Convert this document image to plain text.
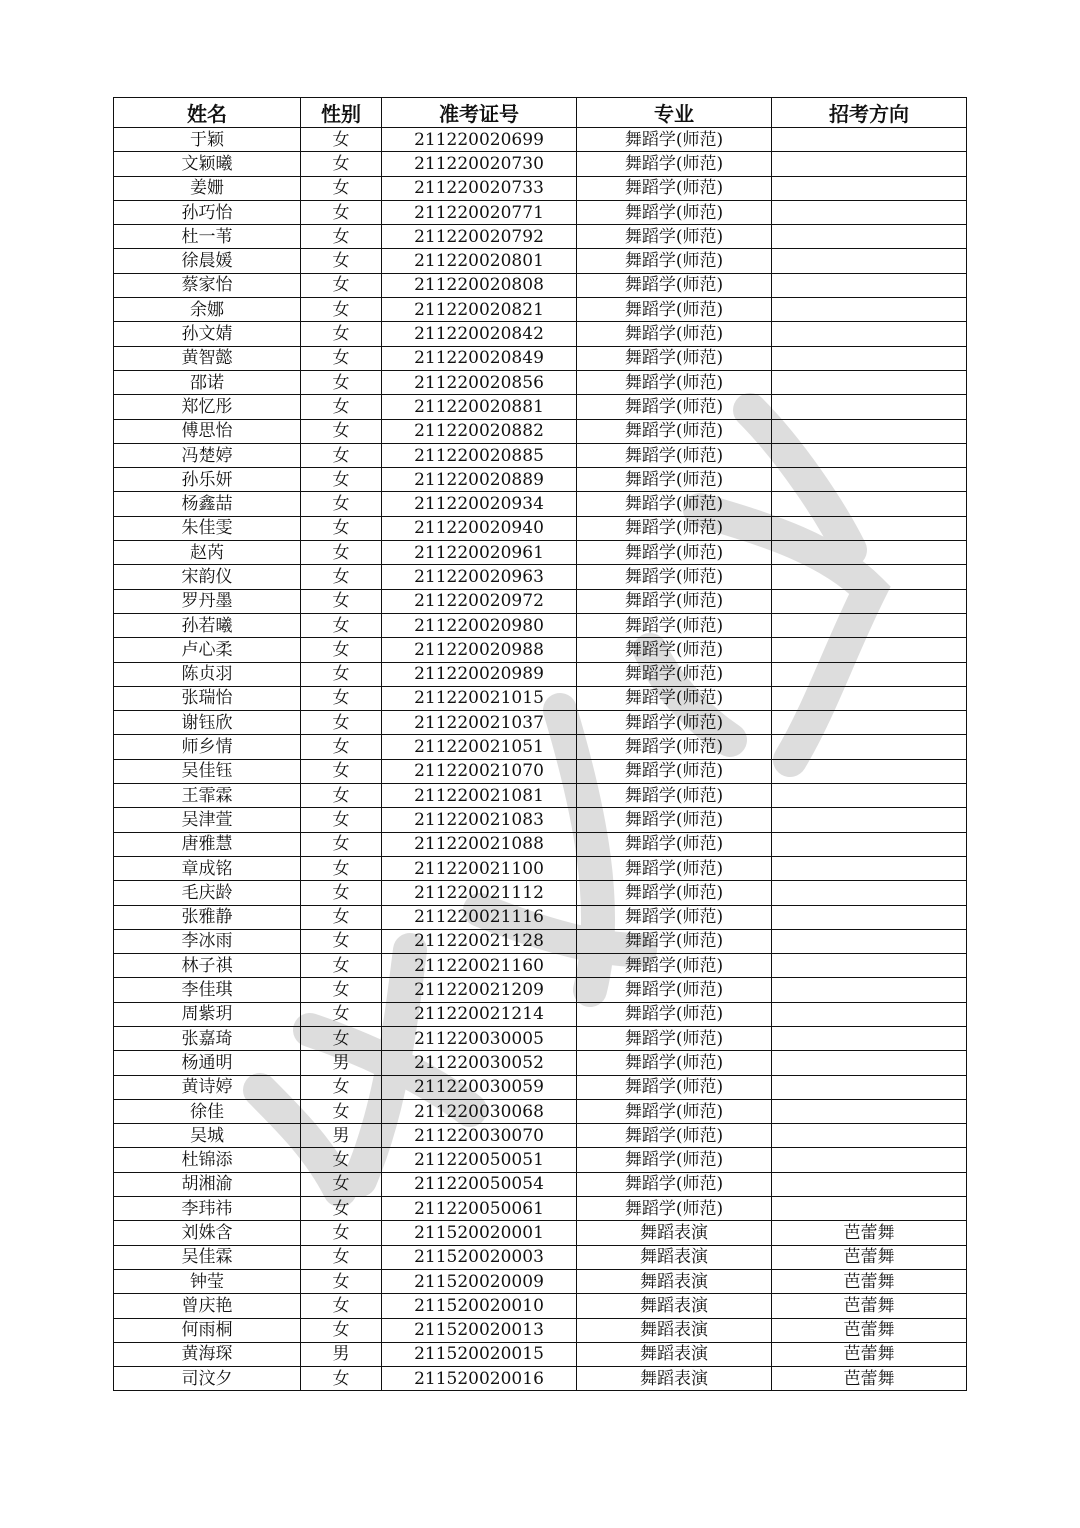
姓名	性别	准考证号	专业	招考方向
于颖	女	211220020699	舞蹈学(师范)	
文颖曦	女	211220020730	舞蹈学(师范)	
姜姗	女	211220020733	舞蹈学(师范)	
孙巧怡	女	211220020771	舞蹈学(师范)	
杜一苇	女	211220020792	舞蹈学(师范)	
徐晨媛	女	211220020801	舞蹈学(师范)	
蔡家怡	女	211220020808	舞蹈学(师范)	
余娜	女	211220020821	舞蹈学(师范)	
孙文婧	女	211220020842	舞蹈学(师范)	
黄智懿	女	211220020849	舞蹈学(师范)	
邵诺	女	211220020856	舞蹈学(师范)	
郑忆彤	女	211220020881	舞蹈学(师范)	
傅思怡	女	211220020882	舞蹈学(师范)	
冯楚婷	女	211220020885	舞蹈学(师范)	
孙乐妍	女	211220020889	舞蹈学(师范)	
杨鑫喆	女	211220020934	舞蹈学(师范)	
朱佳雯	女	211220020940	舞蹈学(师范)	
赵芮	女	211220020961	舞蹈学(师范)	
宋韵仪	女	211220020963	舞蹈学(师范)	
罗丹墨	女	211220020972	舞蹈学(师范)	
孙若曦	女	211220020980	舞蹈学(师范)	
卢心柔	女	211220020988	舞蹈学(师范)	
陈贞羽	女	211220020989	舞蹈学(师范)	
张瑞怡	女	211220021015	舞蹈学(师范)	
谢钰欣	女	211220021037	舞蹈学(师范)	
师乡情	女	211220021051	舞蹈学(师范)	
吴佳钰	女	211220021070	舞蹈学(师范)	
王霏霖	女	211220021081	舞蹈学(师范)	
吴津萱	女	211220021083	舞蹈学(师范)	
唐雅慧	女	211220021088	舞蹈学(师范)	
章成铭	女	211220021100	舞蹈学(师范)	
毛庆龄	女	211220021112	舞蹈学(师范)	
张雅静	女	211220021116	舞蹈学(师范)	
李冰雨	女	211220021128	舞蹈学(师范)	
林子祺	女	211220021160	舞蹈学(师范)	
李佳琪	女	211220021209	舞蹈学(师范)	
周紫玥	女	211220021214	舞蹈学(师范)	
张嘉琦	女	211220030005	舞蹈学(师范)	
杨通明	男	211220030052	舞蹈学(师范)	
黄诗婷	女	211220030059	舞蹈学(师范)	
徐佳	女	211220030068	舞蹈学(师范)	
吴城	男	211220030070	舞蹈学(师范)	
杜锦添	女	211220050051	舞蹈学(师范)	
胡湘渝	女	211220050054	舞蹈学(师范)	
李玮祎	女	211220050061	舞蹈学(师范)	
刘姝含	女	211520020001	舞蹈表演	芭蕾舞
吴佳霖	女	211520020003	舞蹈表演	芭蕾舞
钟莹	女	211520020009	舞蹈表演	芭蕾舞
曾庆艳	女	211520020010	舞蹈表演	芭蕾舞
何雨桐	女	211520020013	舞蹈表演	芭蕾舞
黄海琛	男	211520020015	舞蹈表演	芭蕾舞
司汶夕	女	211520020016	舞蹈表演	芭蕾舞
